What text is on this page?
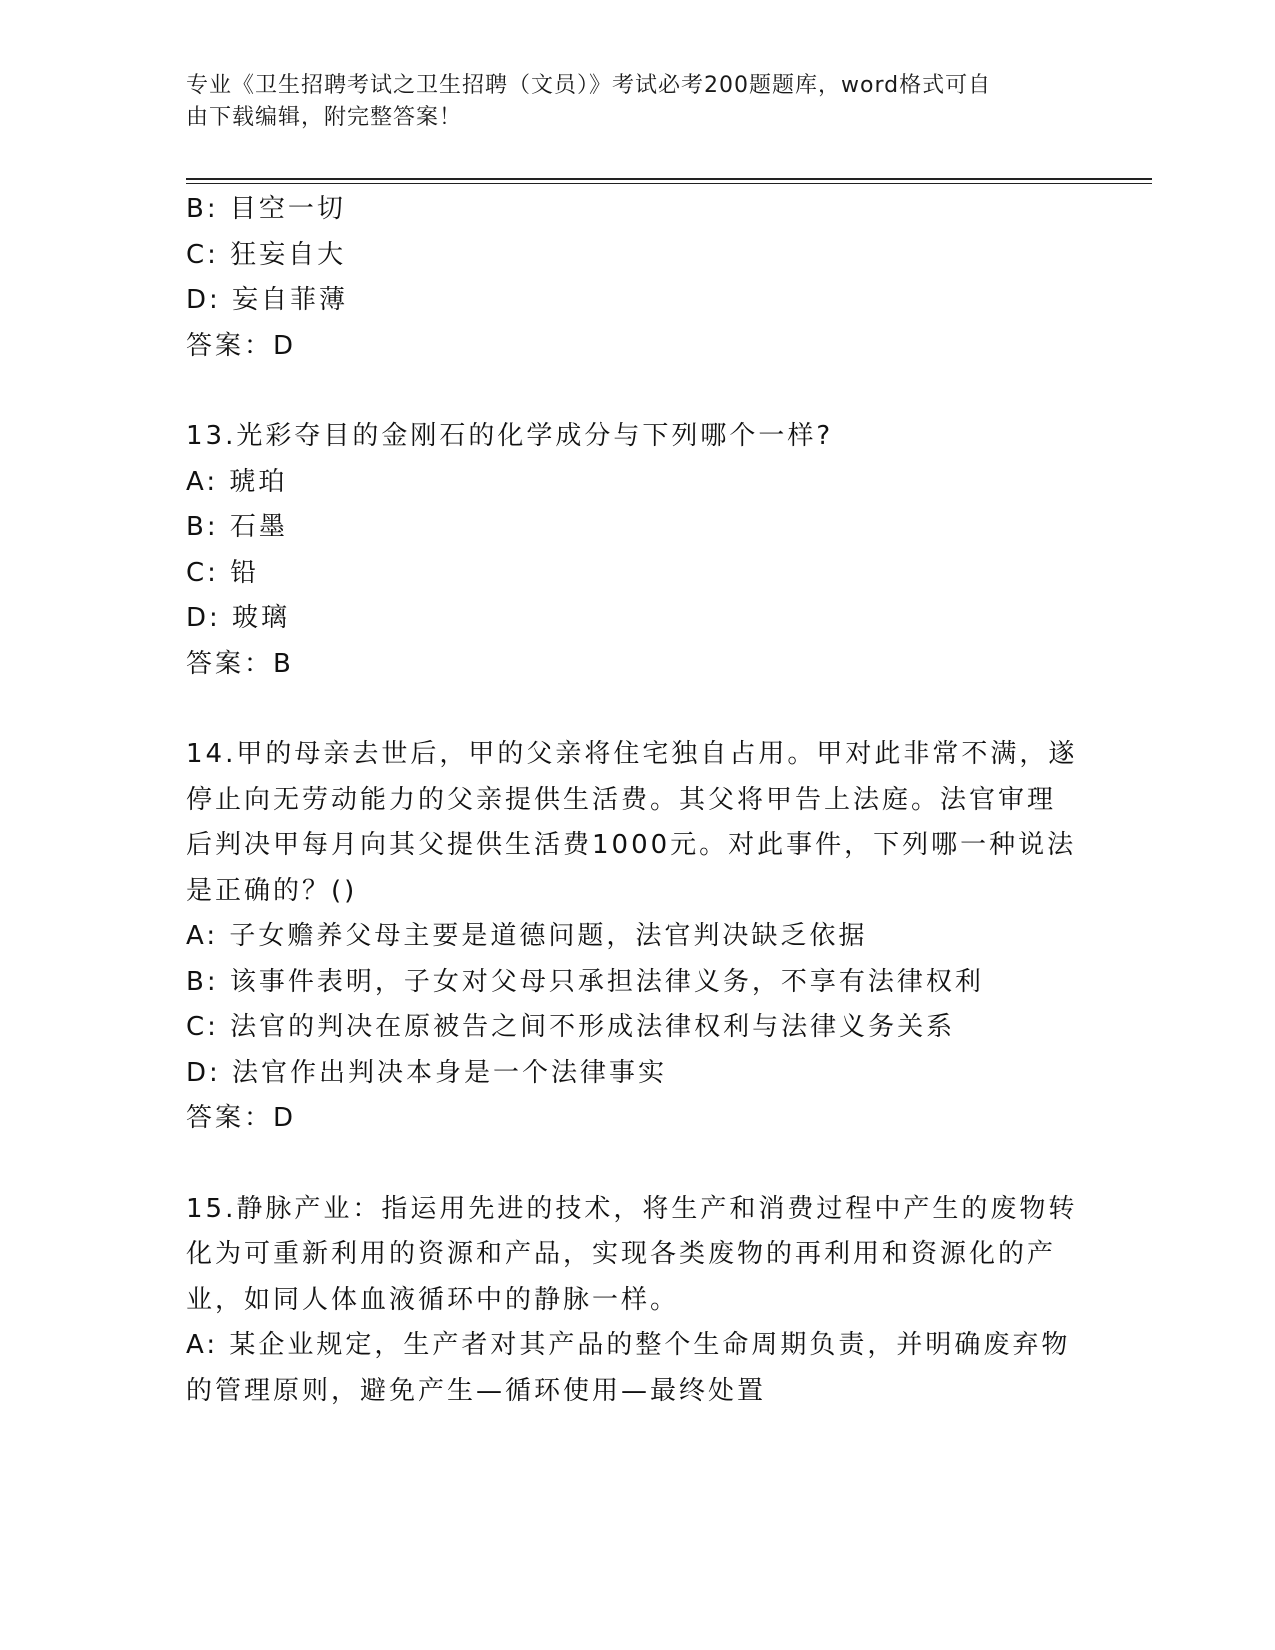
专业《卫生招聘考试之卫生招聘（文员）》考试必考200题题库，word格式可自
由下载编辑，附完整答案！
B: 目空一切
C: 狂妄自大
D: 妄自菲薄
答案：D
13.光彩夺目的金刚石的化学成分与下列哪个一样?
A: 琥珀
B: 石墨
C: 铅
D: 玻璃
答案：B
14.甲的母亲去世后，甲的父亲将住宅独自占用。甲对此非常不满，遂
停止向无劳动能力的父亲提供生活费。其父将甲告上法庭。法官审理
后判决甲每月向其父提供生活费1000元。对此事件，下列哪一种说法
是正确的？()
A: 子女赡养父母主要是道德问题，法官判决缺乏依据
B: 该事件表明，子女对父母只承担法律义务，不享有法律权利
C: 法官的判决在原被告之间不形成法律权利与法律义务关系
D: 法官作出判决本身是一个法律事实
答案：D
15.静脉产业：指运用先进的技术，将生产和消费过程中产生的废物转
化为可重新利用的资源和产品，实现各类废物的再利用和资源化的产
业，如同人体血液循环中的静脉一样。
A: 某企业规定，生产者对其产品的整个生命周期负责，并明确废弃物
的管理原则，避免产生—循环使用—最终处置
